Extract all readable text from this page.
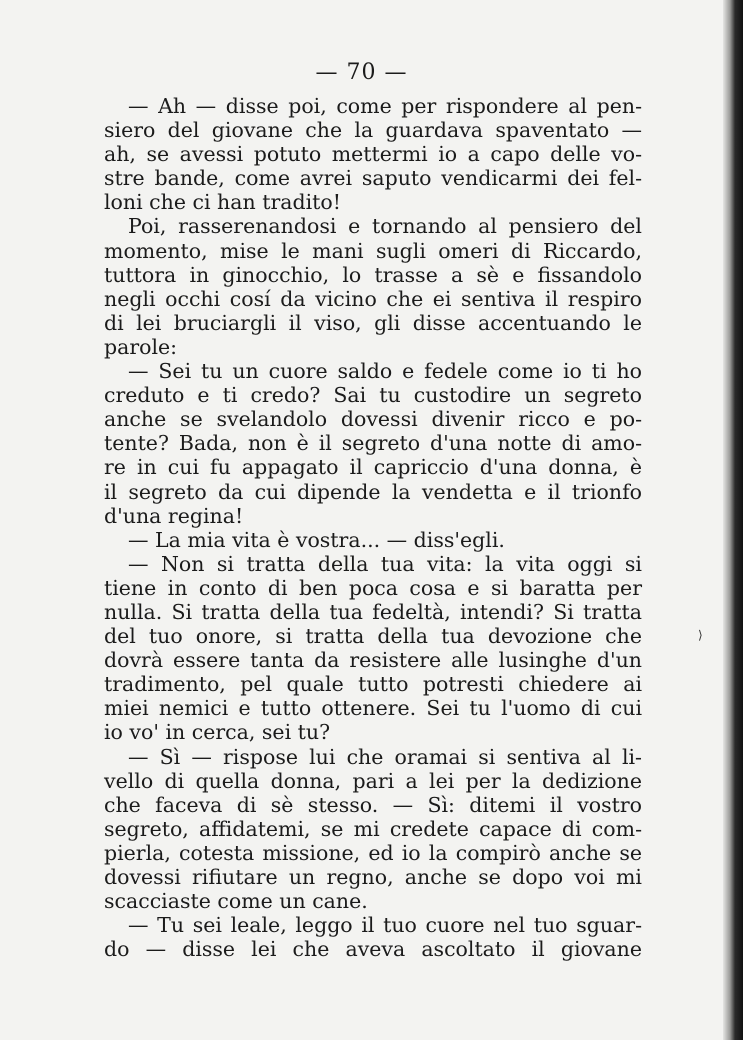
⟩
— 70 —
— Ah — disse poi, come per rispondere al pen-
siero del giovane che la guardava spaventato —
ah, se avessi potuto mettermi io a capo delle vo-
stre bande, come avrei saputo vendicarmi dei fel-
loni che ci han tradito!
Poi, rasserenandosi e tornando al pensiero del
momento, mise le mani sugli omeri di Riccardo,
tuttora in ginocchio, lo trasse a sè e fissandolo
negli occhi cosí da vicino che ei sentiva il respiro
di lei bruciargli il viso, gli disse accentuando le
parole:
— Sei tu un cuore saldo e fedele come io ti ho
creduto e ti credo? Sai tu custodire un segreto
anche se svelandolo dovessi divenir ricco e po-
tente? Bada, non è il segreto d'una notte di amo-
re in cui fu appagato il capriccio d'una donna, è
il segreto da cui dipende la vendetta e il trionfo
d'una regina!
— La mia vita è vostra... — diss'egli.
— Non si tratta della tua vita: la vita oggi si
tiene in conto di ben poca cosa e si baratta per
nulla. Si tratta della tua fedeltà, intendi? Si tratta
del tuo onore, si tratta della tua devozione che
dovrà essere tanta da resistere alle lusinghe d'un
tradimento, pel quale tutto potresti chiedere ai
miei nemici e tutto ottenere. Sei tu l'uomo di cui
io vo' in cerca, sei tu?
— Sì — rispose lui che oramai si sentiva al li-
vello di quella donna, pari a lei per la dedizione
che faceva di sè stesso. — Sì: ditemi il vostro
segreto, affidatemi, se mi credete capace di com-
pierla, cotesta missione, ed io la compirò anche se
dovessi rifiutare un regno, anche se dopo voi mi
scacciaste come un cane.
— Tu sei leale, leggo il tuo cuore nel tuo sguar-
do — disse lei che aveva ascoltato il giovane
